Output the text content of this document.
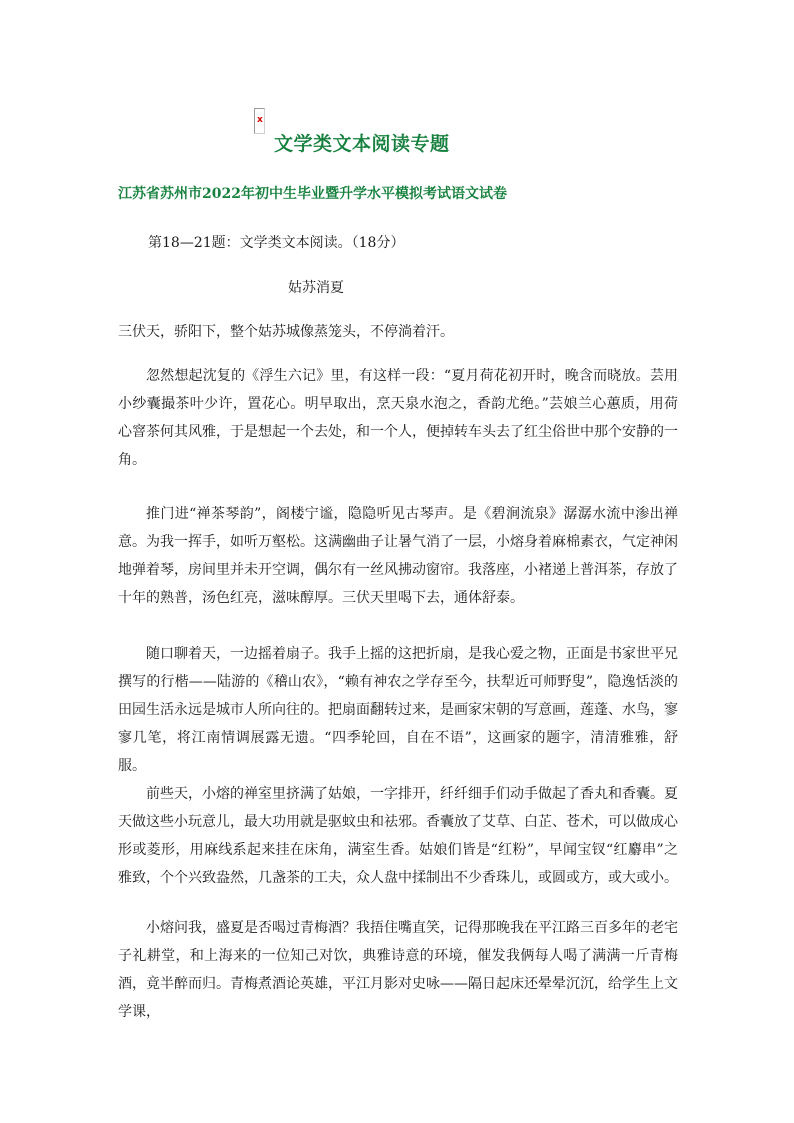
x
文学类文本阅读专题
江苏省苏州市2022年初中生毕业暨升学水平模拟考试语文试卷
第18—21题：文学类文本阅读。（18分）
姑苏消夏

三伏天，骄阳下，整个姑苏城像蒸笼头，不停淌着汗。

忽然想起沈复的《浮生六记》里，有这样一段：“夏月荷花初开时，晚含而晓放。芸用小纱囊撮茶叶少许，置花心。明早取出，烹天泉水泡之，香韵尤绝。”芸娘兰心蕙质，用荷心窨茶何其风雅，于是想起一个去处，和一个人，便掉转车头去了红尘俗世中那个安静的一角。

推门进“禅茶琴韵”，阁楼宁谧，隐隐听见古琴声。是《碧涧流泉》潺潺水流中渗出禅意。为我一挥手，如听万壑松。这满幽曲子让暑气消了一层，小熔身着麻棉素衣，气定神闲地弹着琴，房间里并未开空调，偶尔有一丝风拂动窗帘。我落座，小褚递上普洱茶，存放了十年的熟普，汤色红亮，滋味醇厚。三伏天里喝下去，通体舒泰。

随口聊着天，一边摇着扇子。我手上摇的这把折扇，是我心爱之物，正面是书家世平兄撰写的行楷——陆游的《稽山农》，“赖有神农之学存至今，扶犁近可师野叟”，隐逸恬淡的田园生活永远是城市人所向往的。把扇面翻转过来，是画家宋朝的写意画，莲蓬、水鸟，寥寥几笔，将江南情调展露无遗。“四季轮回，自在不语”，这画家的题字，清清雅雅，舒服。

前些天，小熔的禅室里挤满了姑娘，一字排开，纤纤细手们动手做起了香丸和香囊。夏天做这些小玩意儿，最大功用就是驱蚊虫和祛邪。香囊放了艾草、白芷、苍术，可以做成心形或菱形，用麻线系起来挂在床角，满室生香。姑娘们皆是“红粉”，早闻宝钗“红麝串”之雅致，个个兴致盎然，几盏茶的工夫，众人盘中揉制出不少香珠儿，或圆或方，或大或小。

小熔问我，盛夏是否喝过青梅酒？我捂住嘴直笑，记得那晚我在平江路三百多年的老宅子礼耕堂，和上海来的一位知己对饮，典雅诗意的环境，催发我俩每人喝了满满一斤青梅酒，竟半醉而归。青梅煮酒论英雄，平江月影对史咏——隔日起床还晕晕沉沉，给学生上文学课，
